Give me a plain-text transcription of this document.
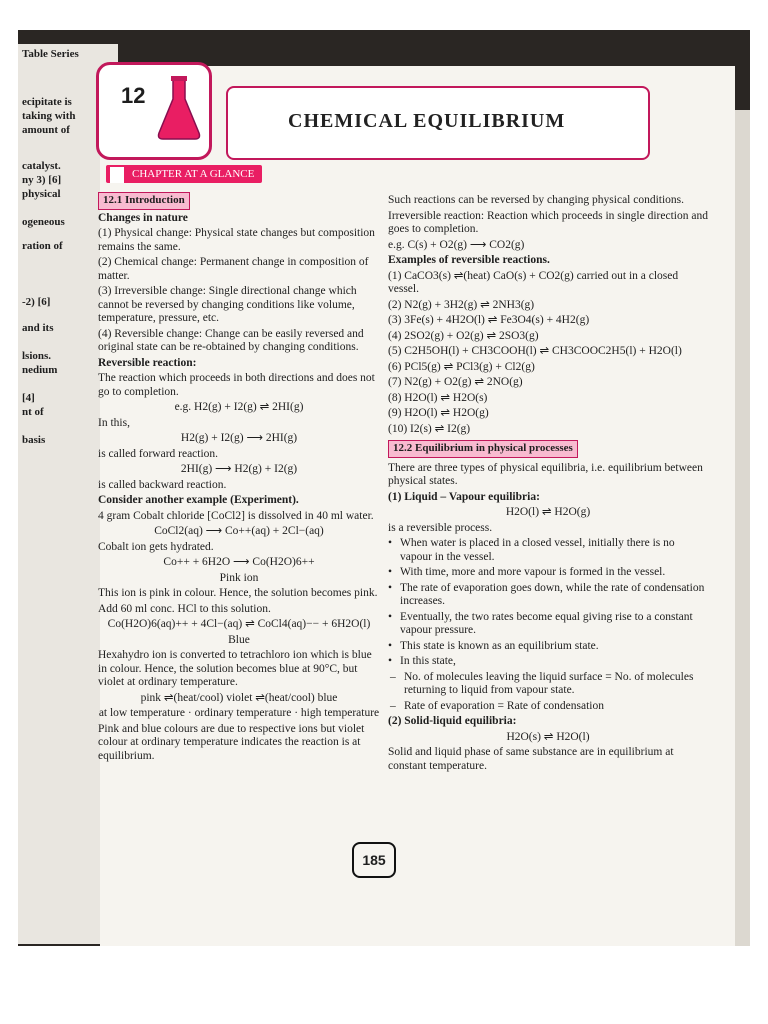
Table Series
ecipitate is
taking with
amount of
catalyst.
ny 3) [6]
physical
ogeneous
ration of
-2) [6]
and its
lsions.
nedium
[4]
nt of
basis
12
CHEMICAL EQUILIBRIUM
CHAPTER AT A GLANCE

12.1 Introduction

Changes in nature

(1) Physical change: Physical state changes but composition remains the same.

(2) Chemical change: Permanent change in composition of matter.

(3) Irreversible change: Single directional change which cannot be reversed by changing conditions like volume, temperature, pressure, etc.

(4) Reversible change: Change can be easily reversed and original state can be re-obtained by changing conditions.

Reversible reaction:

The reaction which proceeds in both directions and does not go to completion.

e.g. H2(g) + I2(g) ⇌ 2HI(g)

In this,

H2(g) + I2(g) ⟶ 2HI(g)

is called forward reaction.

2HI(g) ⟶ H2(g) + I2(g)

is called backward reaction.

Consider another example (Experiment).

4 gram Cobalt chloride [CoCl2] is dissolved in 40 ml water.

CoCl2(aq) ⟶ Co++(aq) + 2Cl−(aq)

Cobalt ion gets hydrated.

Co++ + 6H2O ⟶ Co(H2O)6++

Pink ion

This ion is pink in colour. Hence, the solution becomes pink.

Add 60 ml conc. HCl to this solution.

Co(H2O)6(aq)++ + 4Cl−(aq) ⇌ CoCl4(aq)−− + 6H2O(l)

Blue

Hexahydro ion is converted to tetrachloro ion which is blue in colour. Hence, the solution becomes blue at 90°C, but violet at ordinary temperature.

pink ⇌(heat/cool) violet ⇌(heat/cool) blue

at low temperature · ordinary temperature · high temperature

Pink and blue colours are due to respective ions but violet colour at ordinary temperature indicates the reaction is at equilibrium.

Such reactions can be reversed by changing physical conditions.

Irreversible reaction: Reaction which proceeds in single direction and goes to completion.

e.g. C(s) + O2(g) ⟶ CO2(g)

Examples of reversible reactions.

(1) CaCO3(s) ⇌(heat) CaO(s) + CO2(g) carried out in a closed vessel.

(2) N2(g) + 3H2(g) ⇌ 2NH3(g)

(3) 3Fe(s) + 4H2O(l) ⇌ Fe3O4(s) + 4H2(g)

(4) 2SO2(g) + O2(g) ⇌ 2SO3(g)

(5) C2H5OH(l) + CH3COOH(l) ⇌ CH3COOC2H5(l) + H2O(l)

(6) PCl5(g) ⇌ PCl3(g) + Cl2(g)

(7) N2(g) + O2(g) ⇌ 2NO(g)

(8) H2O(l) ⇌ H2O(s)

(9) H2O(l) ⇌ H2O(g)

(10) I2(s) ⇌ I2(g)

12.2 Equilibrium in physical processes

There are three types of physical equilibria, i.e. equilibrium between physical states.

(1) Liquid – Vapour equilibria:

H2O(l) ⇌ H2O(g)

is a reversible process.

• When water is placed in a closed vessel, initially there is no vapour in the vessel.

• With time, more and more vapour is formed in the vessel.

• The rate of evaporation goes down, while the rate of condensation increases.

• Eventually, the two rates become equal giving rise to a constant vapour pressure.

• This state is known as an equilibrium state.

• In this state,

– No. of molecules leaving the liquid surface = No. of molecules returning to liquid from vapour state.

– Rate of evaporation = Rate of condensation

(2) Solid-liquid equilibria:

H2O(s) ⇌ H2O(l)

Solid and liquid phase of same substance are in equilibrium at constant temperature.

185
